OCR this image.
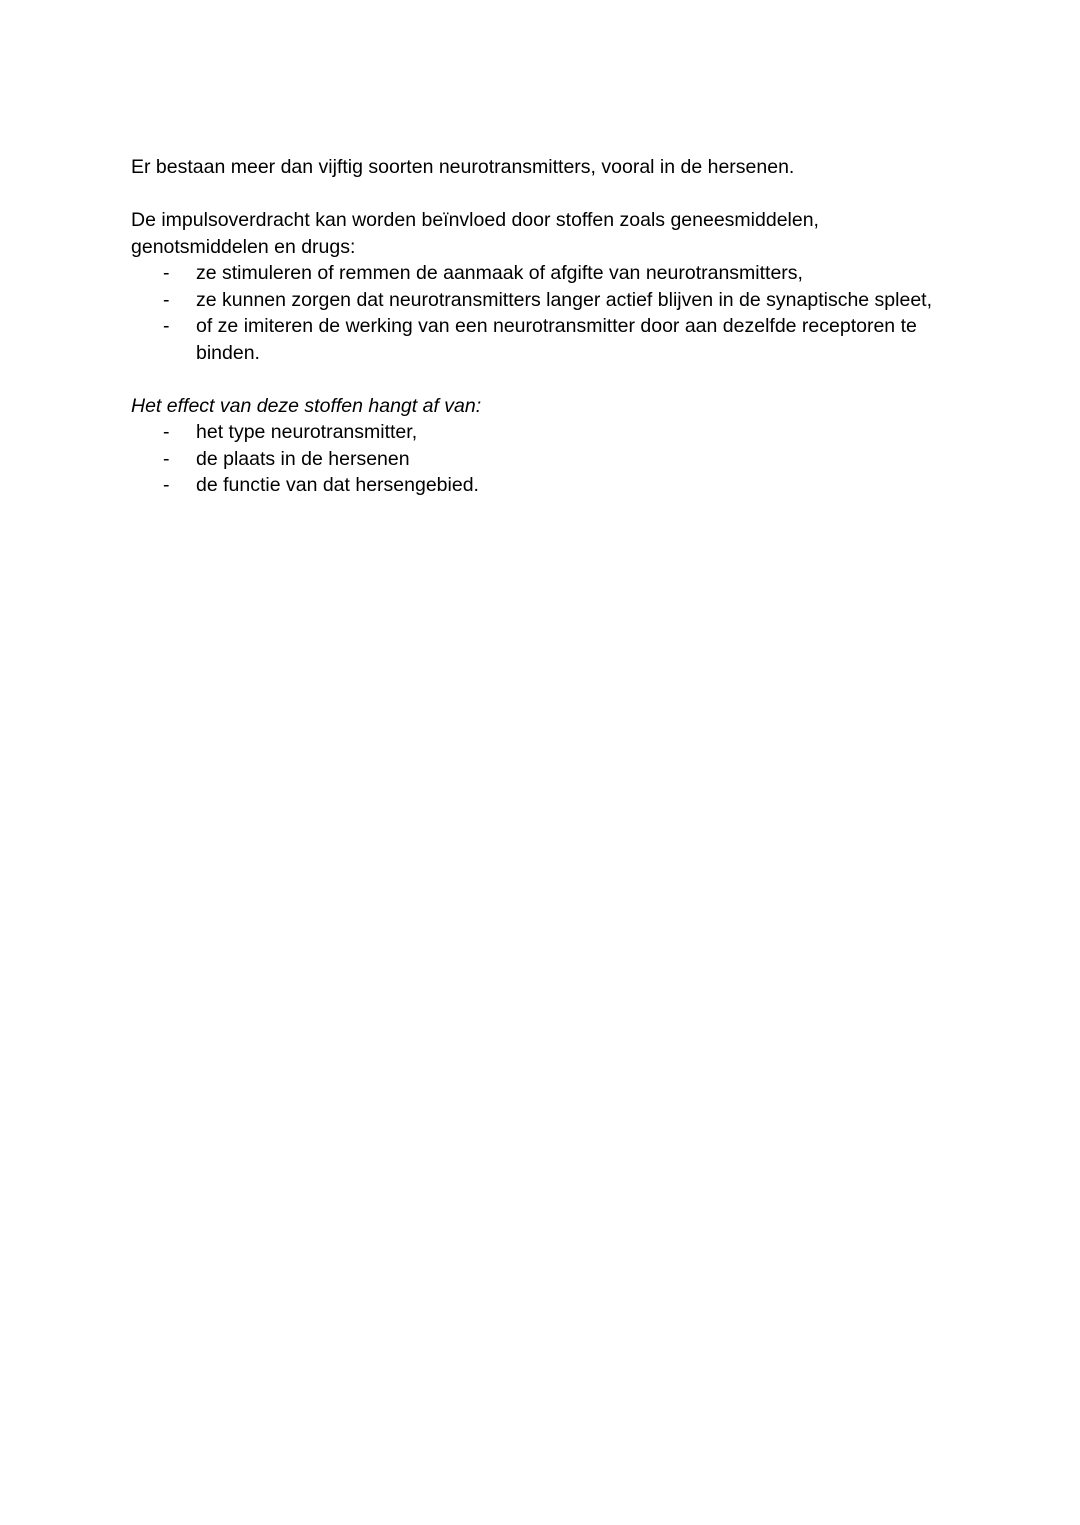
Er bestaan meer dan vijftig soorten neurotransmitters, vooral in de hersenen.

De impulsoverdracht kan worden beïnvloed door stoffen zoals geneesmiddelen, genotsmiddelen en drugs:

- ze stimuleren of remmen de aanmaak of afgifte van neurotransmitters,
- ze kunnen zorgen dat neurotransmitters langer actief blijven in de synaptische spleet,
- of ze imiteren de werking van een neurotransmitter door aan dezelfde receptoren te binden.

Het effect van deze stoffen hangt af van:

- het type neurotransmitter,
- de plaats in de hersenen
- de functie van dat hersengebied.
